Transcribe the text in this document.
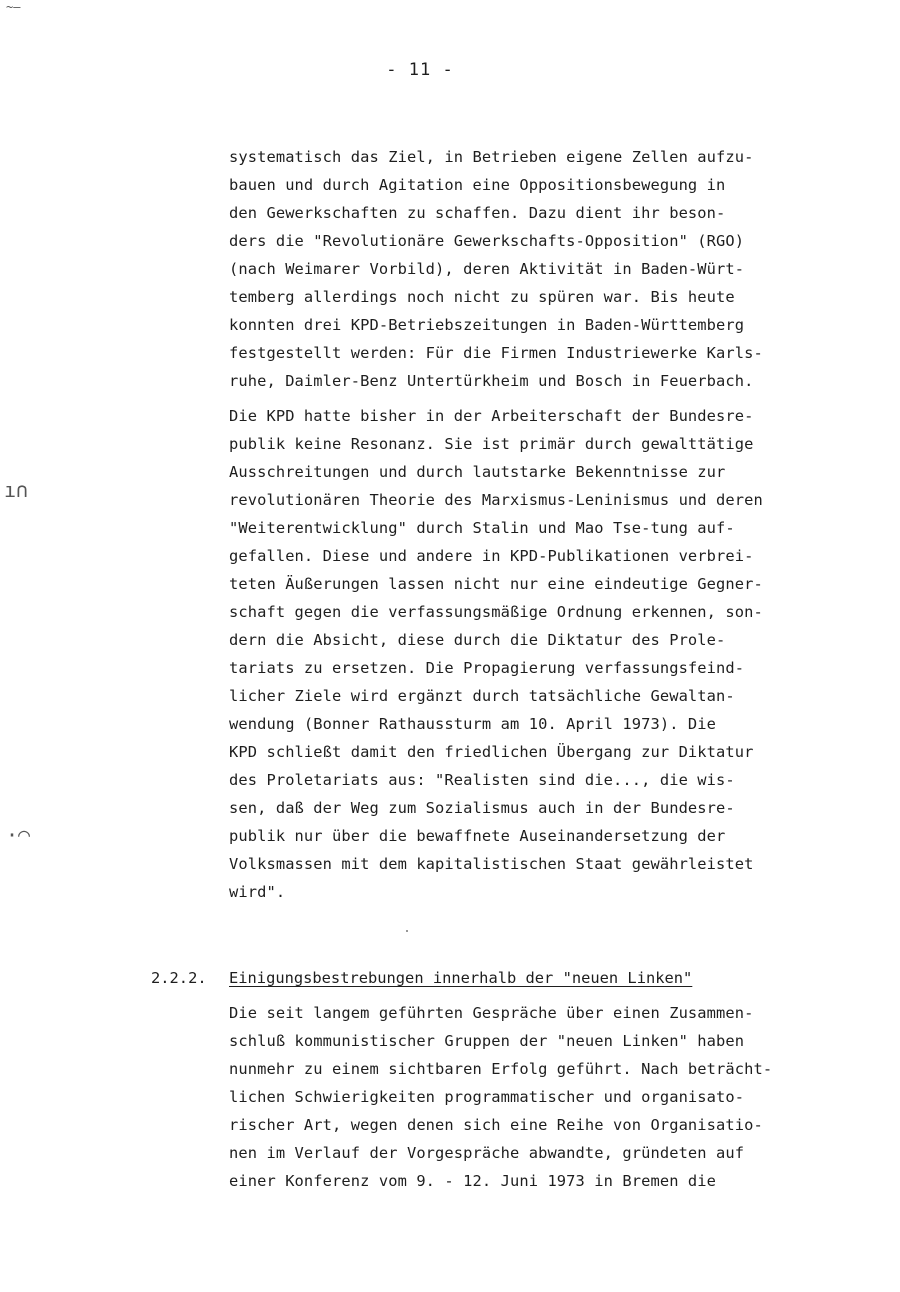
~—
- 11 -

systematisch das Ziel, in Betrieben eigene Zellen aufzu-
bauen und durch Agitation eine Oppositionsbewegung in
den Gewerkschaften zu schaffen. Dazu dient ihr beson-
ders die "Revolutionäre Gewerkschafts-Opposition" (RGO)
(nach Weimarer Vorbild), deren Aktivität in Baden-Würt-
temberg allerdings noch nicht zu spüren war. Bis heute
konnten drei KPD-Betriebszeitungen in Baden-Württemberg
festgestellt werden: Für die Firmen Industriewerke Karls-
ruhe, Daimler-Benz Untertürkheim und Bosch in Feuerbach.

Die KPD hatte bisher in der Arbeiterschaft der Bundesre-
publik keine Resonanz. Sie ist primär durch gewalttätige
Ausschreitungen und durch lautstarke Bekenntnisse zur
revolutionären Theorie des Marxismus-Leninismus und deren
"Weiterentwicklung" durch Stalin und Mao Tse-tung auf-
gefallen. Diese und andere in KPD-Publikationen verbrei-
teten Äußerungen lassen nicht nur eine eindeutige Gegner-
schaft gegen die verfassungsmäßige Ordnung erkennen, son-
dern die Absicht, diese durch die Diktatur des Prole-
tariats zu ersetzen. Die Propagierung verfassungsfeind-
licher Ziele wird ergänzt durch tatsächliche Gewaltan-
wendung (Bonner Rathaussturm am 10. April 1973). Die
KPD schließt damit den friedlichen Übergang zur Diktatur
des Proletariats aus: "Realisten sind die..., die wis-
sen, daß der Weg zum Sozialismus auch in der Bundesre-
publik nur über die bewaffnete Auseinandersetzung der
Volksmassen mit dem kapitalistischen Staat gewährleistet
wird".

ı∩
·◠
2.2.2. Einigungsbestrebungen innerhalb der "neuen Linken"

Die seit langem geführten Gespräche über einen Zusammen-
schluß kommunistischer Gruppen der "neuen Linken" haben
nunmehr zu einem sichtbaren Erfolg geführt. Nach beträcht-
lichen Schwierigkeiten programmatischer und organisato-
rischer Art, wegen denen sich eine Reihe von Organisatio-
nen im Verlauf der Vorgespräche abwandte, gründeten auf
einer Konferenz vom 9. - 12. Juni 1973 in Bremen die
